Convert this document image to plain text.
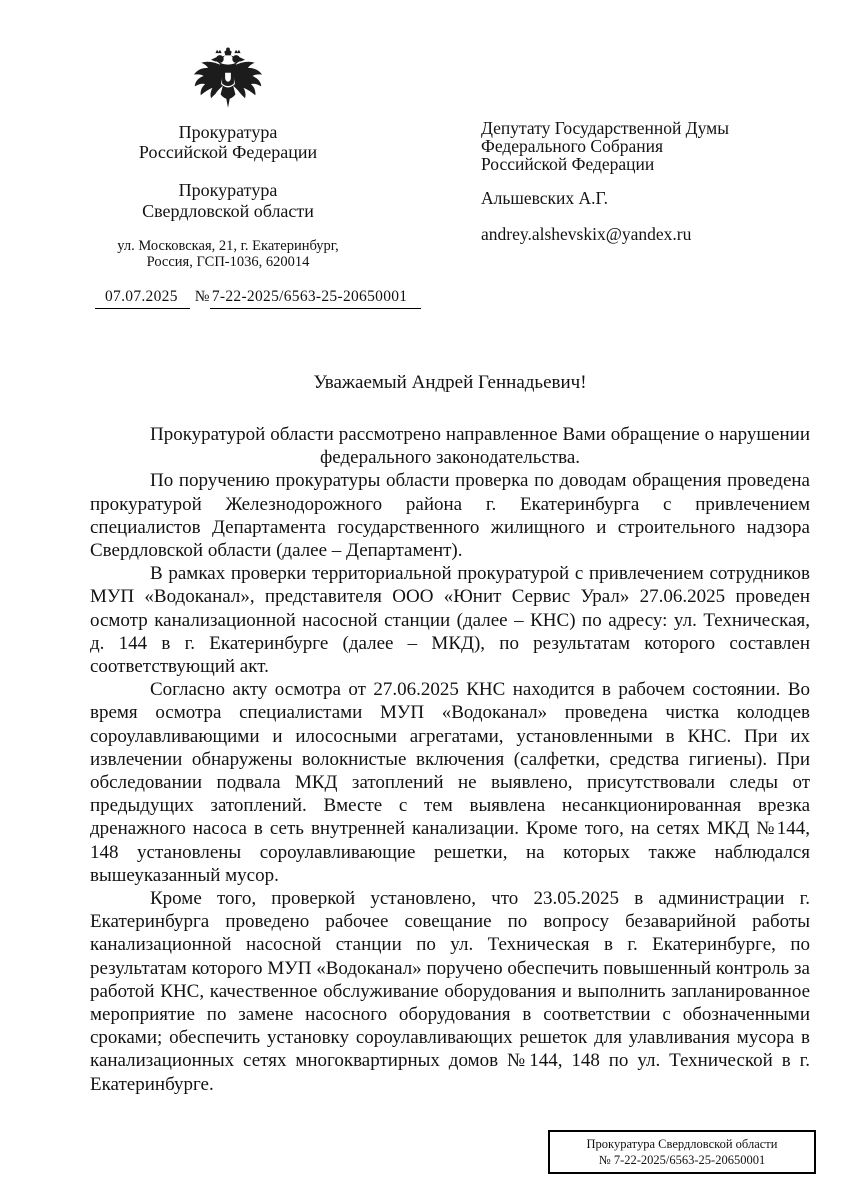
Прокуратура
Российской Федерации
Прокуратура
Свердловской области
ул. Московская, 21, г. Екатеринбург,
Россия, ГСП-1036, 620014
07.07.2025 № 7-22-2025/6563-25-20650001
Депутату Государственной Думы
Федерального Собрания
Российской Федерации
Альшевских А.Г.
andrey.alshevskix@yandex.ru
Уважаемый Андрей Геннадьевич!

Прокуратурой области рассмотрено направленное Вами обращение о нарушении федерального законодательства.

По поручению прокуратуры области проверка по доводам обращения проведена прокуратурой Железнодорожного района г. Екатеринбурга с привлечением специалистов Департамента государственного жилищного и строительного надзора Свердловской области (далее – Департамент).

В рамках проверки территориальной прокуратурой с привлечением сотрудников МУП «Водоканал», представителя ООО «Юнит Сервис Урал» 27.06.2025 проведен осмотр канализационной насосной станции (далее – КНС) по адресу: ул. Техническая, д. 144 в г. Екатеринбурге (далее – МКД), по результатам которого составлен соответствующий акт.

Согласно акту осмотра от 27.06.2025 КНС находится в рабочем состоянии. Во время осмотра специалистами МУП «Водоканал» проведена чистка колодцев сороулавливающими и илососными агрегатами, установленными в КНС. При их извлечении обнаружены волокнистые включения (салфетки, средства гигиены). При обследовании подвала МКД затоплений не выявлено, присутствовали следы от предыдущих затоплений. Вместе с тем выявлена несанкционированная врезка дренажного насоса в сеть внутренней канализации. Кроме того, на сетях МКД №144, 148 установлены сороулавливающие решетки, на которых также наблюдался вышеуказанный мусор.

Кроме того, проверкой установлено, что 23.05.2025 в администрации г. Екатеринбурга проведено рабочее совещание по вопросу безаварийной работы канализационной насосной станции по ул. Техническая в г. Екатеринбурге, по результатам которого МУП «Водоканал» поручено обеспечить повышенный контроль за работой КНС, качественное обслуживание оборудования и выполнить запланированное мероприятие по замене насосного оборудования в соответствии с обозначенными сроками; обеспечить установку сороулавливающих решеток для улавливания мусора в канализационных сетях многоквартирных домов №144, 148 по ул. Технической в г. Екатеринбурге.

Прокуратура Свердловской области
№ 7-22-2025/6563-25-20650001
